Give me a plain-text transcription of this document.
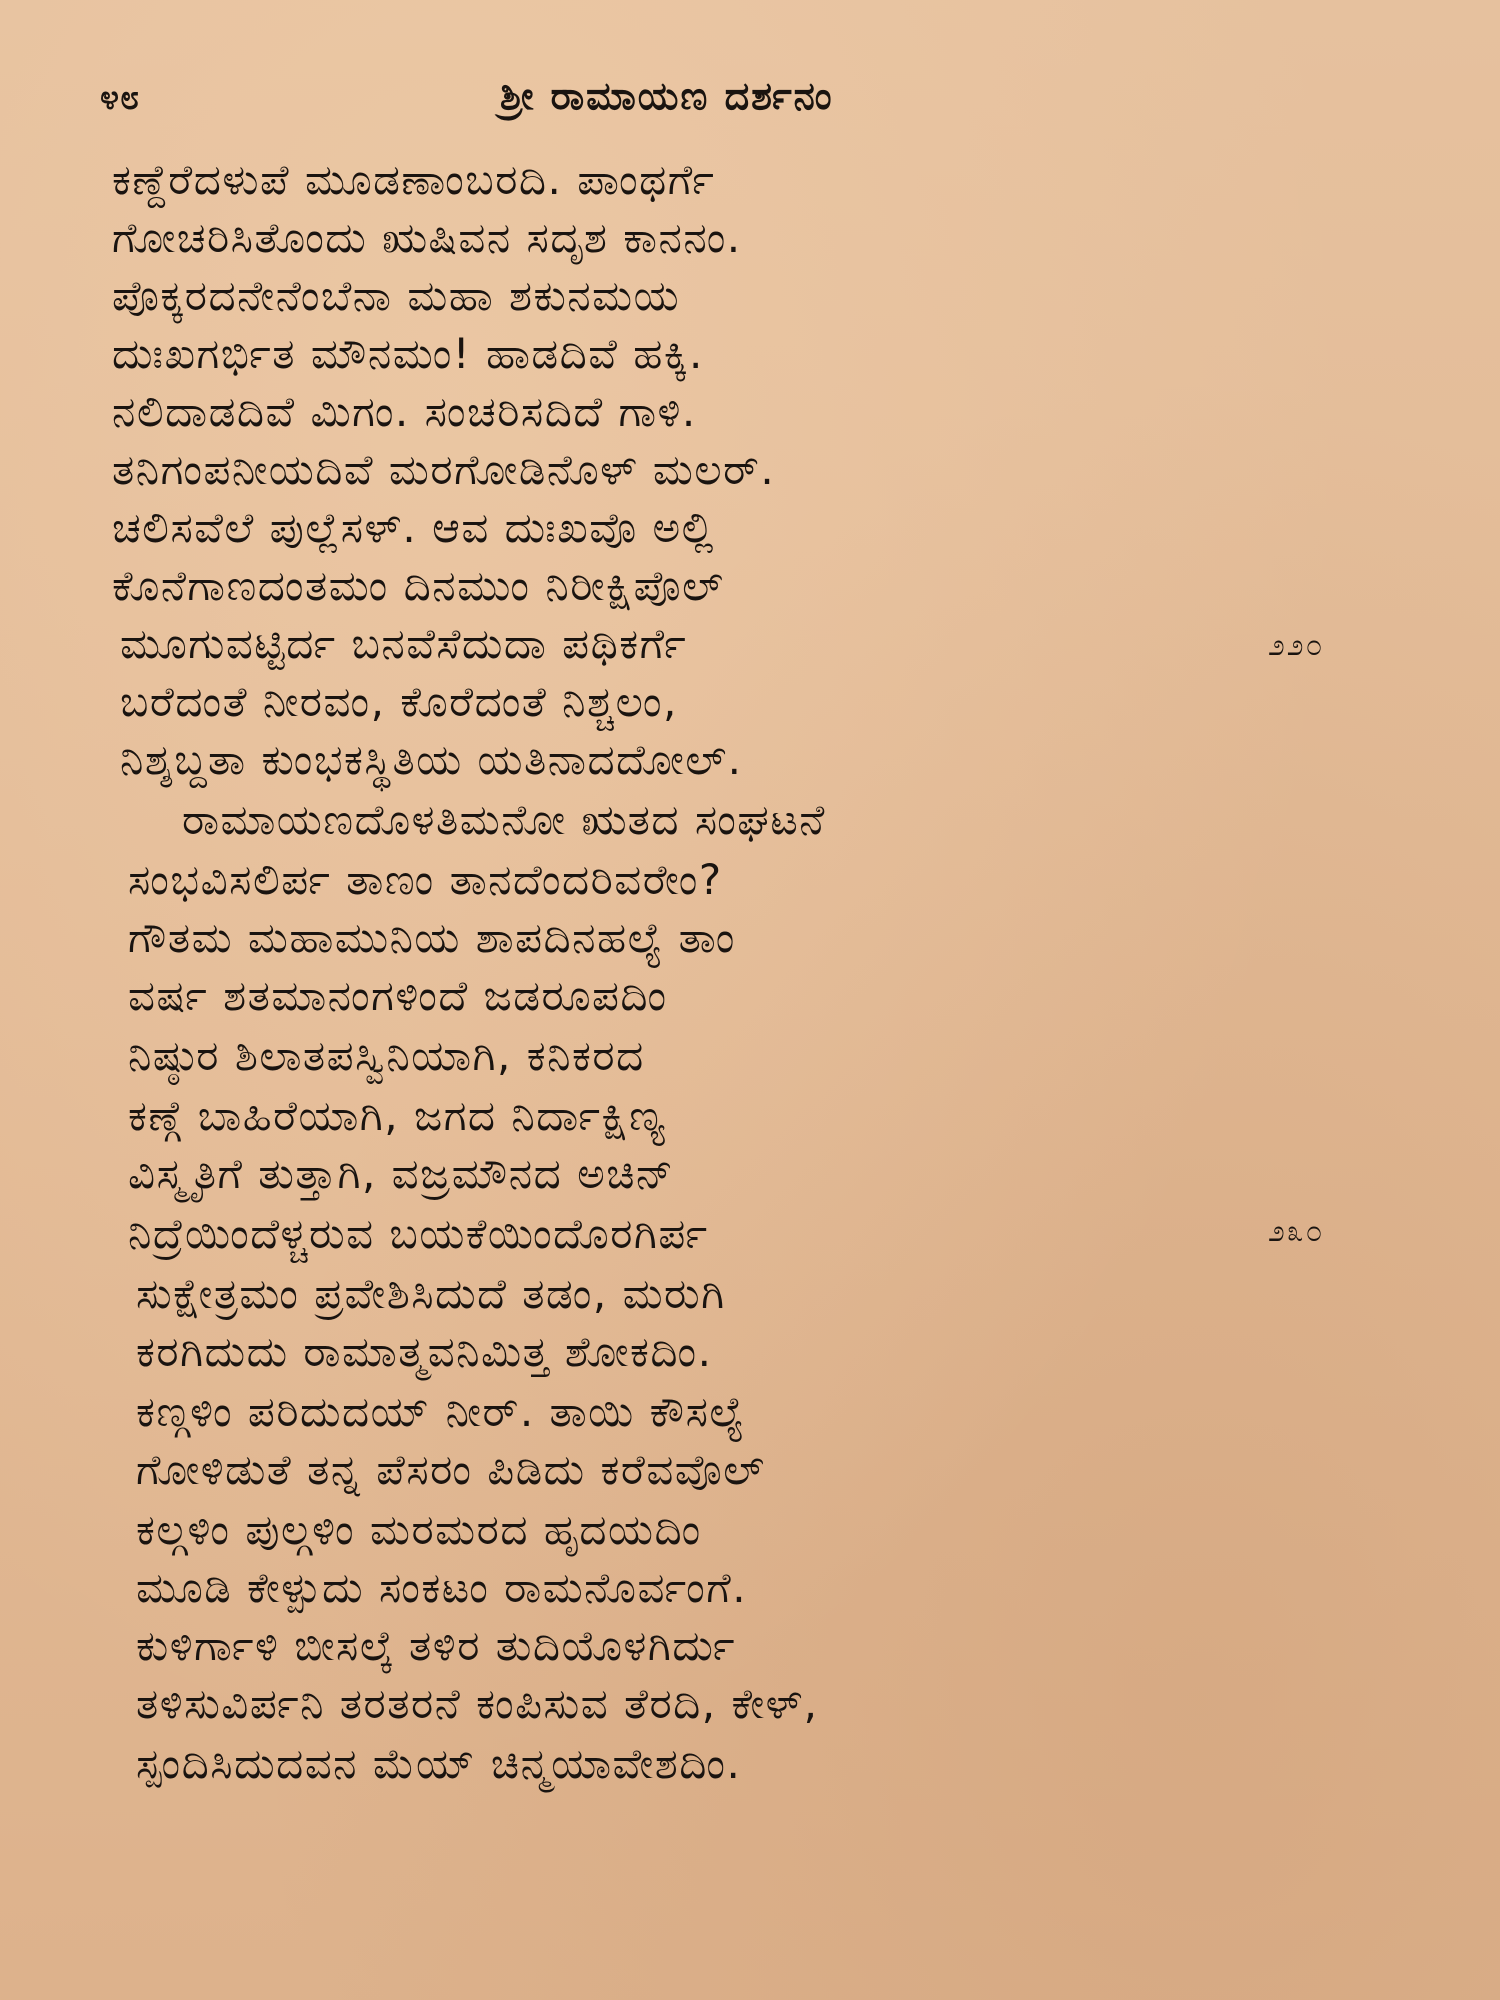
೪೮	ಶ್ರೀ ರಾಮಾಯಣ ದರ್ಶನಂ
ಕಣ್ದೆರೆದಳುಪೆ ಮೂಡಣಾಂಬರದಿ. ಪಾಂಥರ್ಗೆ
ಗೋಚರಿಸಿತೊಂದು ಋಷಿವನ ಸದೃಶ ಕಾನನಂ.
ಪೊಕ್ಕರದನೇನೆಂಬೆನಾ ಮಹಾ ಶಕುನಮಯ
ದುಃಖಗರ್ಭಿತ ಮೌನಮಂ! ಹಾಡದಿವೆ ಹಕ್ಕಿ.
ನಲಿದಾಡದಿವೆ ಮಿಗಂ. ಸಂಚರಿಸದಿದೆ ಗಾಳಿ.
ತನಿಗಂಪನೀಯದಿವೆ ಮರಗೋಡಿನೊಳ್ ಮಲರ್.
ಚಲಿಸವೆಲೆ ಪುಲ್ಲೆಸಳ್. ಆವ ದುಃಖವೊ ಅಲ್ಲಿ
ಕೊನೆಗಾಣದಂತಮಂ ದಿನಮುಂ ನಿರೀಕ್ಷಿಪೊಲ್
ಮೂಗುವಟ್ಟಿರ್ದ ಬನವೆಸೆದುದಾ ಪಥಿಕರ್ಗೆ
ಬರೆದಂತೆ ನೀರವಂ, ಕೊರೆದಂತೆ ನಿಶ್ಚಲಂ,
ನಿಶ್ಶಬ್ದತಾ ಕುಂಭಕಸ್ಥಿತಿಯ ಯತಿನಾದದೋಲ್.
ರಾಮಾಯಣದೊಳತಿಮನೋ ಋತದ ಸಂಘಟನೆ
ಸಂಭವಿಸಲಿರ್ಪ ತಾಣಂ ತಾನದೆಂದರಿವರೇಂ?
ಗೌತಮ ಮಹಾಮುನಿಯ ಶಾಪದಿನಹಲ್ಯೆ ತಾಂ
ವರ್ಷ ಶತಮಾನಂಗಳಿಂದೆ ಜಡರೂಪದಿಂ
ನಿಷ್ಠುರ ಶಿಲಾತಪಸ್ವಿನಿಯಾಗಿ, ಕನಿಕರದ
ಕಣ್ಗೆ ಬಾಹಿರೆಯಾಗಿ, ಜಗದ ನಿರ್ದಾಕ್ಷಿಣ್ಯ
ವಿಸ್ಮೃತಿಗೆ ತುತ್ತಾಗಿ, ವಜ್ರಮೌನದ ಅಚಿನ್
ನಿದ್ರೆಯಿಂದೆಳ್ಚರುವ ಬಯಕೆಯಿಂದೊರಗಿರ್ಪ
ಸುಕ್ಷೇತ್ರಮಂ ಪ್ರವೇಶಿಸಿದುದೆ ತಡಂ, ಮರುಗಿ
ಕರಗಿದುದು ರಾಮಾತ್ಮವನಿಮಿತ್ತ ಶೋಕದಿಂ.
ಕಣ್ಗಳಿಂ ಪರಿದುದಯ್ ನೀರ್. ತಾಯಿ ಕೌಸಲ್ಯೆ
ಗೋಳಿಡುತೆ ತನ್ನ ಪೆಸರಂ ಪಿಡಿದು ಕರೆವವೊಲ್
ಕಲ್ಗಳಿಂ ಪುಲ್ಗಳಿಂ ಮರಮರದ ಹೃದಯದಿಂ
ಮೂಡಿ ಕೇಳ್ಪುದು ಸಂಕಟಂ ರಾಮನೊರ್ವಂಗೆ.
ಕುಳಿರ್ಗಾಳಿ ಬೀಸಲ್ಕೆ ತಳಿರ ತುದಿಯೊಳಗಿರ್ದು
ತಳಿಸುವಿರ್ಪನಿ ತರತರನೆ ಕಂಪಿಸುವ ತೆರದಿ, ಕೇಳ್,
ಸ್ಪಂದಿಸಿದುದವನ ಮೆಯ್ ಚಿನ್ಮಯಾವೇಶದಿಂ.
೨೨೦
೨೩೦
